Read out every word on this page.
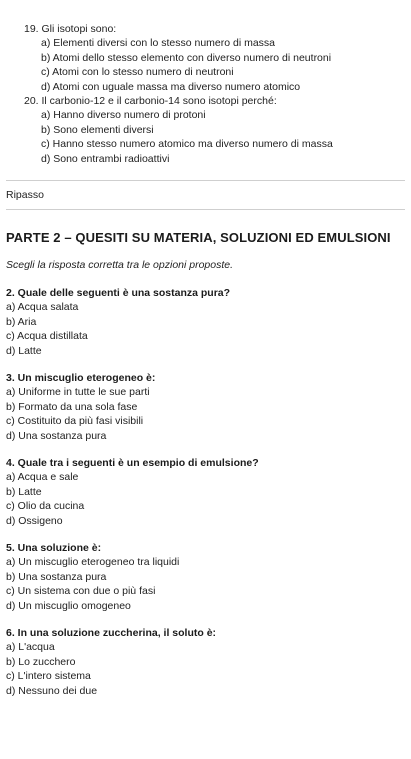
19. Gli isotopi sono:

a) Elementi diversi con lo stesso numero di massa

b) Atomi dello stesso elemento con diverso numero di neutroni

c) Atomi con lo stesso numero di neutroni

d) Atomi con uguale massa ma diverso numero atomico

20. Il carbonio-12 e il carbonio-14 sono isotopi perché:

a) Hanno diverso numero di protoni

b) Sono elementi diversi

c) Hanno stesso numero atomico ma diverso numero di massa

d) Sono entrambi radioattivi

Ripasso

PARTE 2 – QUESITI SU MATERIA, SOLUZIONI ED EMULSIONI

Scegli la risposta corretta tra le opzioni proposte.

2. Quale delle seguenti è una sostanza pura?

a) Acqua salata

b) Aria

c) Acqua distillata

d) Latte

3. Un miscuglio eterogeneo è:

a) Uniforme in tutte le sue parti

b) Formato da una sola fase

c) Costituito da più fasi visibili

d) Una sostanza pura

4. Quale tra i seguenti è un esempio di emulsione?

a) Acqua e sale

b) Latte

c) Olio da cucina

d) Ossigeno

5. Una soluzione è:

a) Un miscuglio eterogeneo tra liquidi

b) Una sostanza pura

c) Un sistema con due o più fasi

d) Un miscuglio omogeneo

6. In una soluzione zuccherina, il soluto è:

a) L'acqua

b) Lo zucchero

c) L'intero sistema

d) Nessuno dei due
